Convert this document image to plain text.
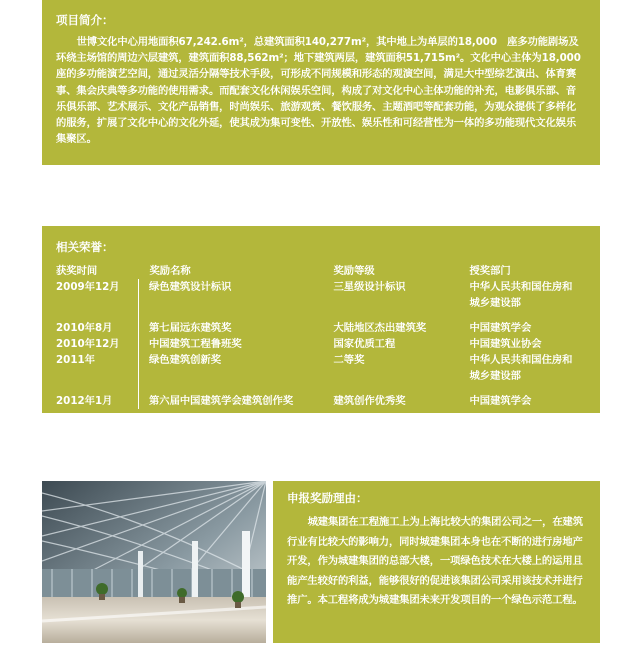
项目简介：

世博文化中心用地面积67,242.6m²，总建筑面积140,277m²，其中地上为单层的18,000　座多功能剧场及环绕主场馆的周边六层建筑，建筑面积88,562m²；地下建筑两层，建筑面积51,715m²。文化中心主体为18,000座的多功能演艺空间，通过灵活分隔等技术手段，可形成不同规模和形态的观演空间，满足大中型综艺演出、体育赛事、集会庆典等多功能的使用需求。而配套文化休闲娱乐空间，构成了对文化中心主体功能的补充，电影俱乐部、音乐俱乐部、艺术展示、文化产品销售，时尚娱乐、旅游观赏、餐饮服务、主题酒吧等配套功能，为观众提供了多样化的服务，扩展了文化中心的文化外延，使其成为集可变性、开放性、娱乐性和可经营性为一体的多功能现代文化娱乐集聚区。

相关荣誉：
获奖时间	奖励名称	奖励等级	授奖部门
2009年12月	绿色建筑设计标识	三星级设计标识	中华人民共和国住房和城乡建设部

2010年8月	第七届远东建筑奖	大陆地区杰出建筑奖	中国建筑学会
2010年12月	中国建筑工程鲁班奖	国家优质工程	中国建筑业协会
2011年	绿色建筑创新奖	二等奖	中华人民共和国住房和城乡建设部

2012年1月	第六届中国建筑学会建筑创作奖	建筑创作优秀奖	中国建筑学会
申报奖励理由：

城建集团在工程施工上为上海比较大的集团公司之一，在建筑行业有比较大的影响力，同时城建集团本身也在不断的进行房地产开发，作为城建集团的总部大楼，一项绿色技术在大楼上的运用且能产生较好的利益，能够很好的促进该集团公司采用该技术并进行推广。本工程将成为城建集团未来开发项目的一个绿色示范工程。
